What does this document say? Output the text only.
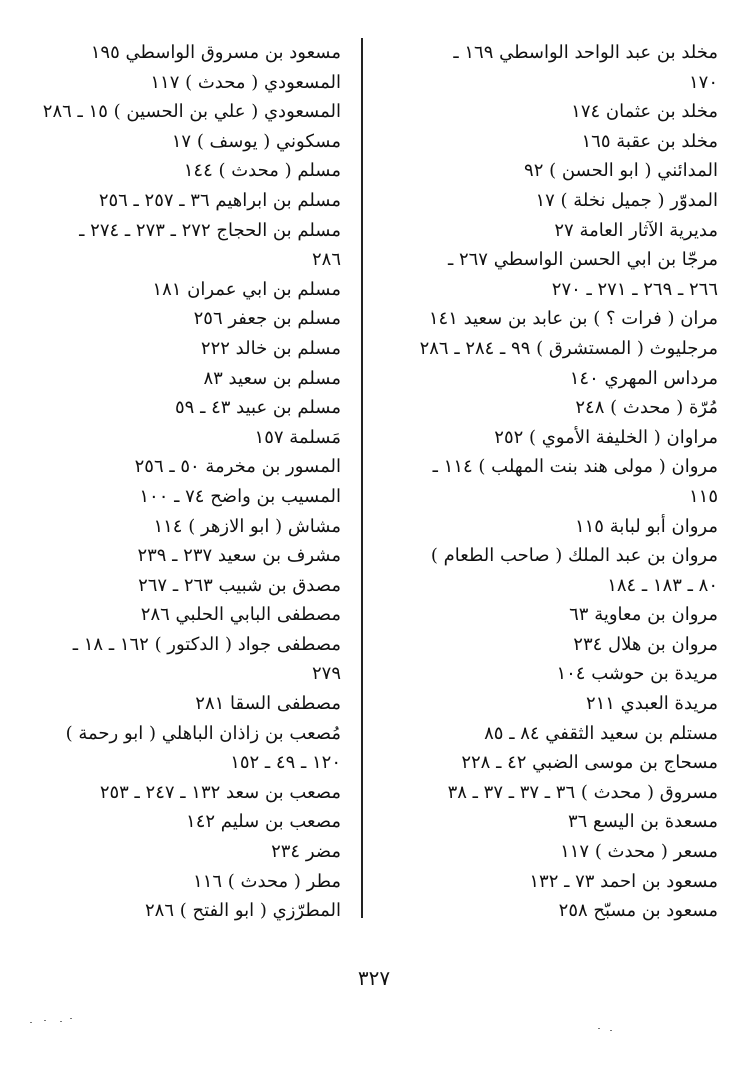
مخلد بن عبد الواحد الواسطي ١٦٩ ـ
١٧٠
مخلد بن عثمان ١٧٤
مخلد بن عقبة ١٦٥
المدائني ( ابو الحسن ) ٩٢
المدوّر ( جميل نخلة ) ١٧
مديرية الآثار العامة ٢٧
مرجّا بن ابي الحسن الواسطي ٢٦٧ ـ
٢٦٦ ـ ٢٦٩ ـ ٢٧١ ـ ٢٧٠
مران ( فرات ؟ ) بن عابد بن سعيد ١٤١
مرجليوث ( المستشرق ) ٩٩ ـ ٢٨٤ ـ ٢٨٦
مرداس المهري ١٤٠
مُرّة ( محدث ) ٢٤٨
مراوان ( الخليفة الأموي ) ٢٥٢
مروان ( مولى هند بنت المهلب ) ١١٤ ـ
١١٥
مروان أبو لبابة ١١٥
مروان بن عبد الملك ( صاحب الطعام )
٨٠ ـ ١٨٣ ـ ١٨٤
مروان بن معاوية ٦٣
مروان بن هلال ٢٣٤
مريدة بن حوشب ١٠٤
مريدة العبدي ٢١١
مستلم بن سعيد الثقفي ٨٤ ـ ٨٥
مسحاج بن موسى الضبي ٤٢ ـ ٢٢٨
مسروق ( محدث ) ٣٦ ـ ٣٧ ـ ٣٧ ـ ٣٨
مسعدة بن اليسع ٣٦
مسعر ( محدث ) ١١٧
مسعود بن احمد ٧٣ ـ ١٣٢
مسعود بن مسبّح ٢٥٨
مسعود بن مسروق الواسطي ١٩٥
المسعودي ( محدث ) ١١٧
المسعودي ( علي بن الحسين ) ١٥ ـ ٢٨٦
مسكوني ( يوسف ) ١٧
مسلم ( محدث ) ١٤٤
مسلم بن ابراهيم ٣٦ ـ ٢٥٧ ـ ٢٥٦
مسلم بن الحجاج ٢٧٢ ـ ٢٧٣ ـ ٢٧٤ ـ
٢٨٦
مسلم بن ابي عمران ١٨١
مسلم بن جعفر ٢٥٦
مسلم بن خالد ٢٢٢
مسلم بن سعيد ٨٣
مسلم بن عبيد ٤٣ ـ ٥٩
مَسلمة ١٥٧
المسور بن مخرمة ٥٠ ـ ٢٥٦
المسيب بن واضح ٧٤ ـ ١٠٠
مشاش ( ابو الازهر ) ١١٤
مشرف بن سعيد ٢٣٧ ـ ٢٣٩
مصدق بن شبيب ٢٦٣ ـ ٢٦٧
مصطفى البابي الحلبي ٢٨٦
مصطفى جواد ( الدكتور ) ١٦٢ ـ ١٨ ـ
٢٧٩
مصطفى السقا ٢٨١
مُصعب بن زاذان الباهلي ( ابو رحمة )
١٢٠ ـ ٤٩ ـ ١٥٢
مصعب بن سعد ١٣٢ ـ ٢٤٧ ـ ٢٥٣
مصعب بن سليم ١٤٢
مضر ٢٣٤
مطر ( محدث ) ١١٦
المطرّزي ( ابو الفتح ) ٢٨٦
٣٢٧
